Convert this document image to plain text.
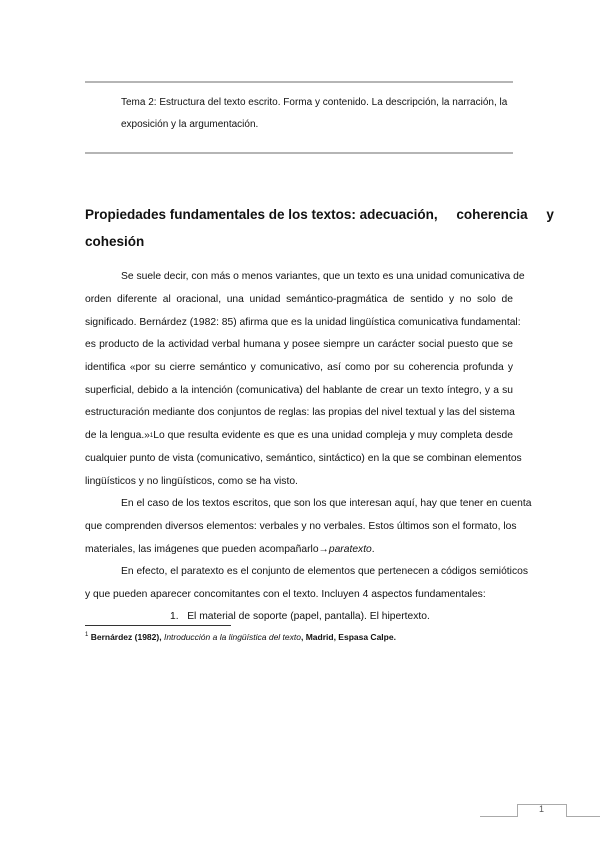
Tema 2: Estructura del texto escrito. Forma y contenido. La descripción, la narración, la
exposición y la argumentación.
Propiedades fundamentales de los textos: adecuación,     coherencia     y
cohesión
Se suele decir, con más o menos variantes, que un texto es una unidad comunicativa de
orden diferente al oracional, una unidad semántico-pragmática de sentido y no solo de
significado. Bernárdez (1982: 85) afirma que es la unidad lingüística comunicativa fundamental:
es producto de la actividad verbal humana y posee siempre un carácter social puesto que se
identifica «por su cierre semántico y comunicativo, así como por su coherencia profunda y
superficial, debido a la intención (comunicativa) del hablante de crear un texto íntegro, y a su
estructuración mediante dos conjuntos de reglas: las propias del nivel textual y las del sistema
de la lengua.»$^1$Lo que resulta evidente es que es una unidad compleja y muy completa desde
cualquier punto de vista (comunicativo, semántico, sintáctico) en la que se combinan elementos
lingüísticos y no lingüísticos, como se ha visto.
En el caso de los textos escritos, que son los que interesan aquí, hay que tener en cuenta
que comprenden diversos elementos: verbales y no verbales. Estos últimos son el formato, los
materiales, las imágenes que pueden acompañarlo→paratexto.
En efecto, el paratexto es el conjunto de elementos que pertenecen a códigos semióticos
y que pueden aparecer concomitantes con el texto. Incluyen 4 aspectos fundamentales:
1. El material de soporte (papel, pantalla). El hipertexto.
$^1$ Bernárdez (1982), Introducción a la lingüística del texto, Madrid, Espasa Calpe.
1
